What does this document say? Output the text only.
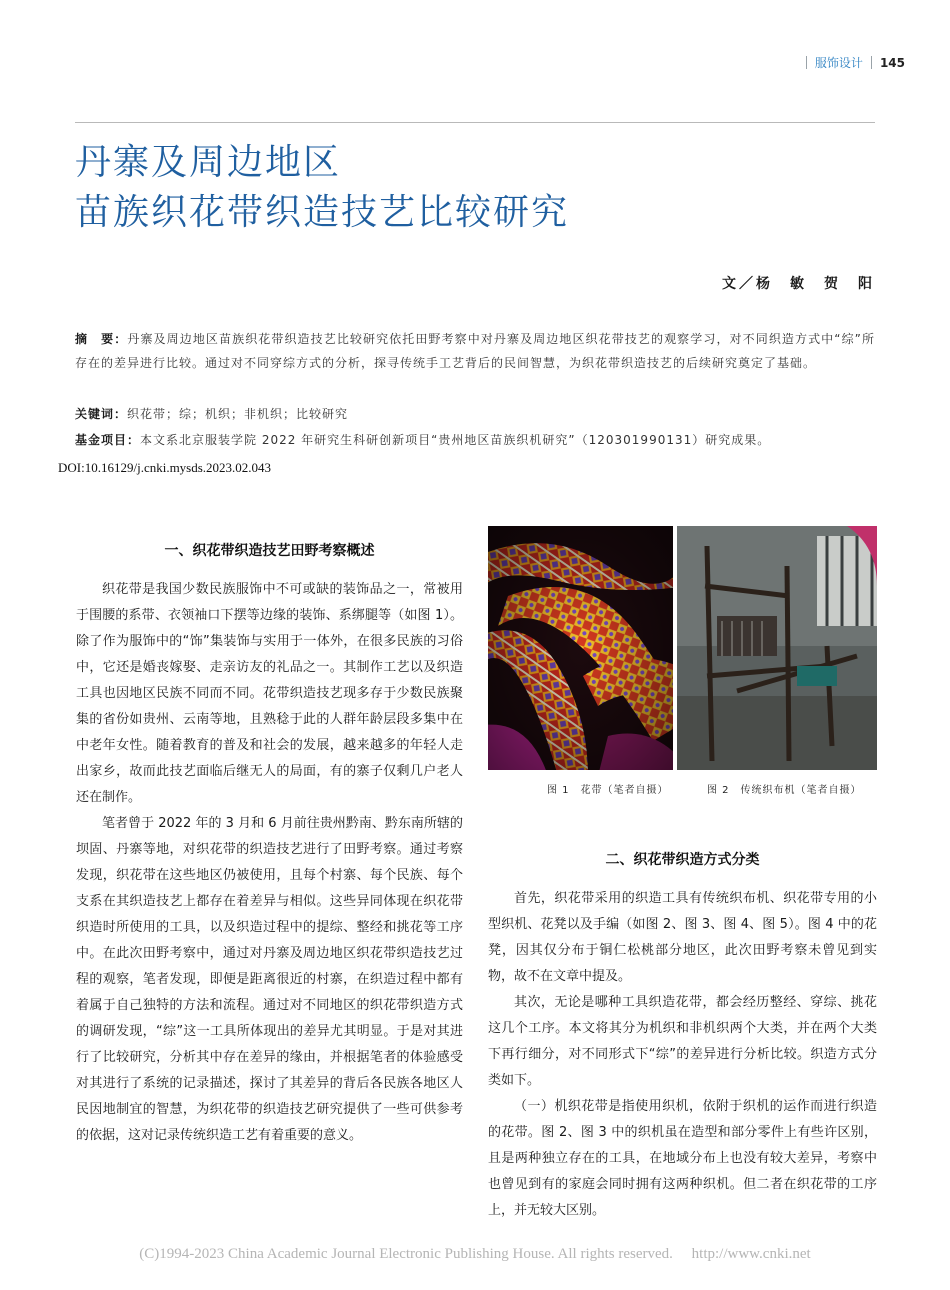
服饰设计 145
丹寨及周边地区
苗族织花带织造技艺比较研究
文／杨　敏　贺　阳
摘　要：丹寨及周边地区苗族织花带织造技艺比较研究依托田野考察中对丹寨及周边地区织花带技艺的观察学习，对不同织造方式中“综”所存在的差异进行比较。通过对不同穿综方式的分析，探寻传统手工艺背后的民间智慧，为织花带织造技艺的后续研究奠定了基础。
关键词：织花带；综；机织；非机织；比较研究
基金项目：本文系北京服装学院 2022 年研究生科研创新项目“贵州地区苗族织机研究”（120301990131）研究成果。
DOI:10.16129/j.cnki.mysds.2023.02.043
一、织花带织造技艺田野考察概述

织花带是我国少数民族服饰中不可或缺的装饰品之一，常被用于围腰的系带、衣领袖口下摆等边缘的装饰、系绑腿等（如图 1）。除了作为服饰中的“饰”集装饰与实用于一体外，在很多民族的习俗中，它还是婚丧嫁娶、走亲访友的礼品之一。其制作工艺以及织造工具也因地区民族不同而不同。花带织造技艺现多存于少数民族聚集的省份如贵州、云南等地，且熟稔于此的人群年龄层段多集中在中老年女性。随着教育的普及和社会的发展，越来越多的年轻人走出家乡，故而此技艺面临后继无人的局面，有的寨子仅剩几户老人还在制作。

笔者曾于 2022 年的 3 月和 6 月前往贵州黔南、黔东南所辖的坝固、丹寨等地，对织花带的织造技艺进行了田野考察。通过考察发现，织花带在这些地区仍被使用，且每个村寨、每个民族、每个支系在其织造技艺上都存在着差异与相似。这些异同体现在织花带织造时所使用的工具，以及织造过程中的提综、整经和挑花等工序中。在此次田野考察中，通过对丹寨及周边地区织花带织造技艺过程的观察，笔者发现，即便是距离很近的村寨，在织造过程中都有着属于自己独特的方法和流程。通过对不同地区的织花带织造方式的调研发现，“综”这一工具所体现出的差异尤其明显。于是对其进行了比较研究，分析其中存在差异的缘由，并根据笔者的体验感受对其进行了系统的记录描述，探讨了其差异的背后各民族各地区人民因地制宜的智慧，为织花带的织造技艺研究提供了一些可供参考的依据，这对记录传统织造工艺有着重要的意义。

图 1　花带（笔者自摄）	图 2　传统织布机（笔者自摄）
二、织花带织造方式分类

首先，织花带采用的织造工具有传统织布机、织花带专用的小型织机、花凳以及手编（如图 2、图 3、图 4、图 5）。图 4 中的花凳，因其仅分布于铜仁松桃部分地区，此次田野考察未曾见到实物，故不在文章中提及。

其次，无论是哪种工具织造花带，都会经历整经、穿综、挑花这几个工序。本文将其分为机织和非机织两个大类，并在两个大类下再行细分，对不同形式下“综”的差异进行分析比较。织造方式分类如下。

（一）机织花带是指使用织机，依附于织机的运作而进行织造的花带。图 2、图 3 中的织机虽在造型和部分零件上有些许区别，且是两种独立存在的工具，在地域分布上也没有较大差异，考察中也曾见到有的家庭会同时拥有这两种织机。但二者在织花带的工序上，并无较大区别。

(C)1994-2023 China Academic Journal Electronic Publishing House. All rights reserved.　 http://www.cnki.net
